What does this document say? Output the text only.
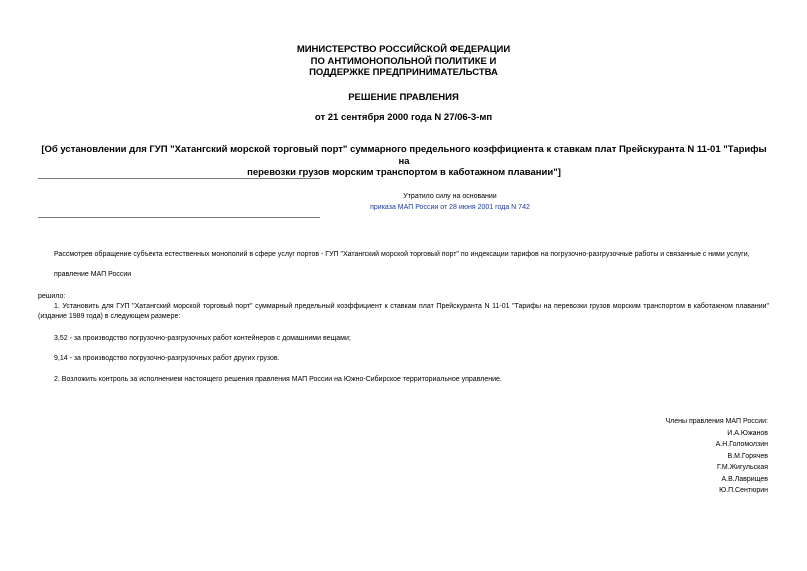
МИНИСТЕРСТВО РОССИЙСКОЙ ФЕДЕРАЦИИ
ПО АНТИМОНОПОЛЬНОЙ ПОЛИТИКЕ И
ПОДДЕРЖКЕ ПРЕДПРИНИМАТЕЛЬСТВА
РЕШЕНИЕ ПРАВЛЕНИЯ
от 21 сентября 2000 года N 27/06-3-мп
[Об установлении для ГУП "Хатангский морской торговый порт" суммарного предельного коэффициента к ставкам плат Прейскуранта N 11-01 "Тарифы на
перевозки грузов морским транспортом в каботажном плавании"]
Утратило силу на основании
приказа МАП России от 28 июня 2001 года N 742
Рассмотрев обращение субъекта естественных монополий в сфере услуг портов - ГУП "Хатангский морской торговый порт" по индексации тарифов на погрузочно-разгрузочные работы и связанные с ними услуги,
правление МАП России
решило:
1. Установить для ГУП "Хатангский морской торговый порт" суммарный предельный коэффициент к ставкам плат Прейскуранта N 11-01 "Тарифы на перевозки грузов морским транспортом в каботажном плавании" (издание 1989 года) в следующем размере:
3,52 - за производство погрузочно-разгрузочных работ контейнеров с домашними вещами;
9,14 - за производство погрузочно-разгрузочных работ других грузов.
2. Возложить контроль за исполнением настоящего решения правления МАП России на Южно-Сибирское территориальное управление.
Члены правления МАП России:
И.А.Южанов
А.Н.Голомолзин
В.М.Горячев
Г.М.Жигульская
А.В.Лаврищев
Ю.П.Сентюрин
